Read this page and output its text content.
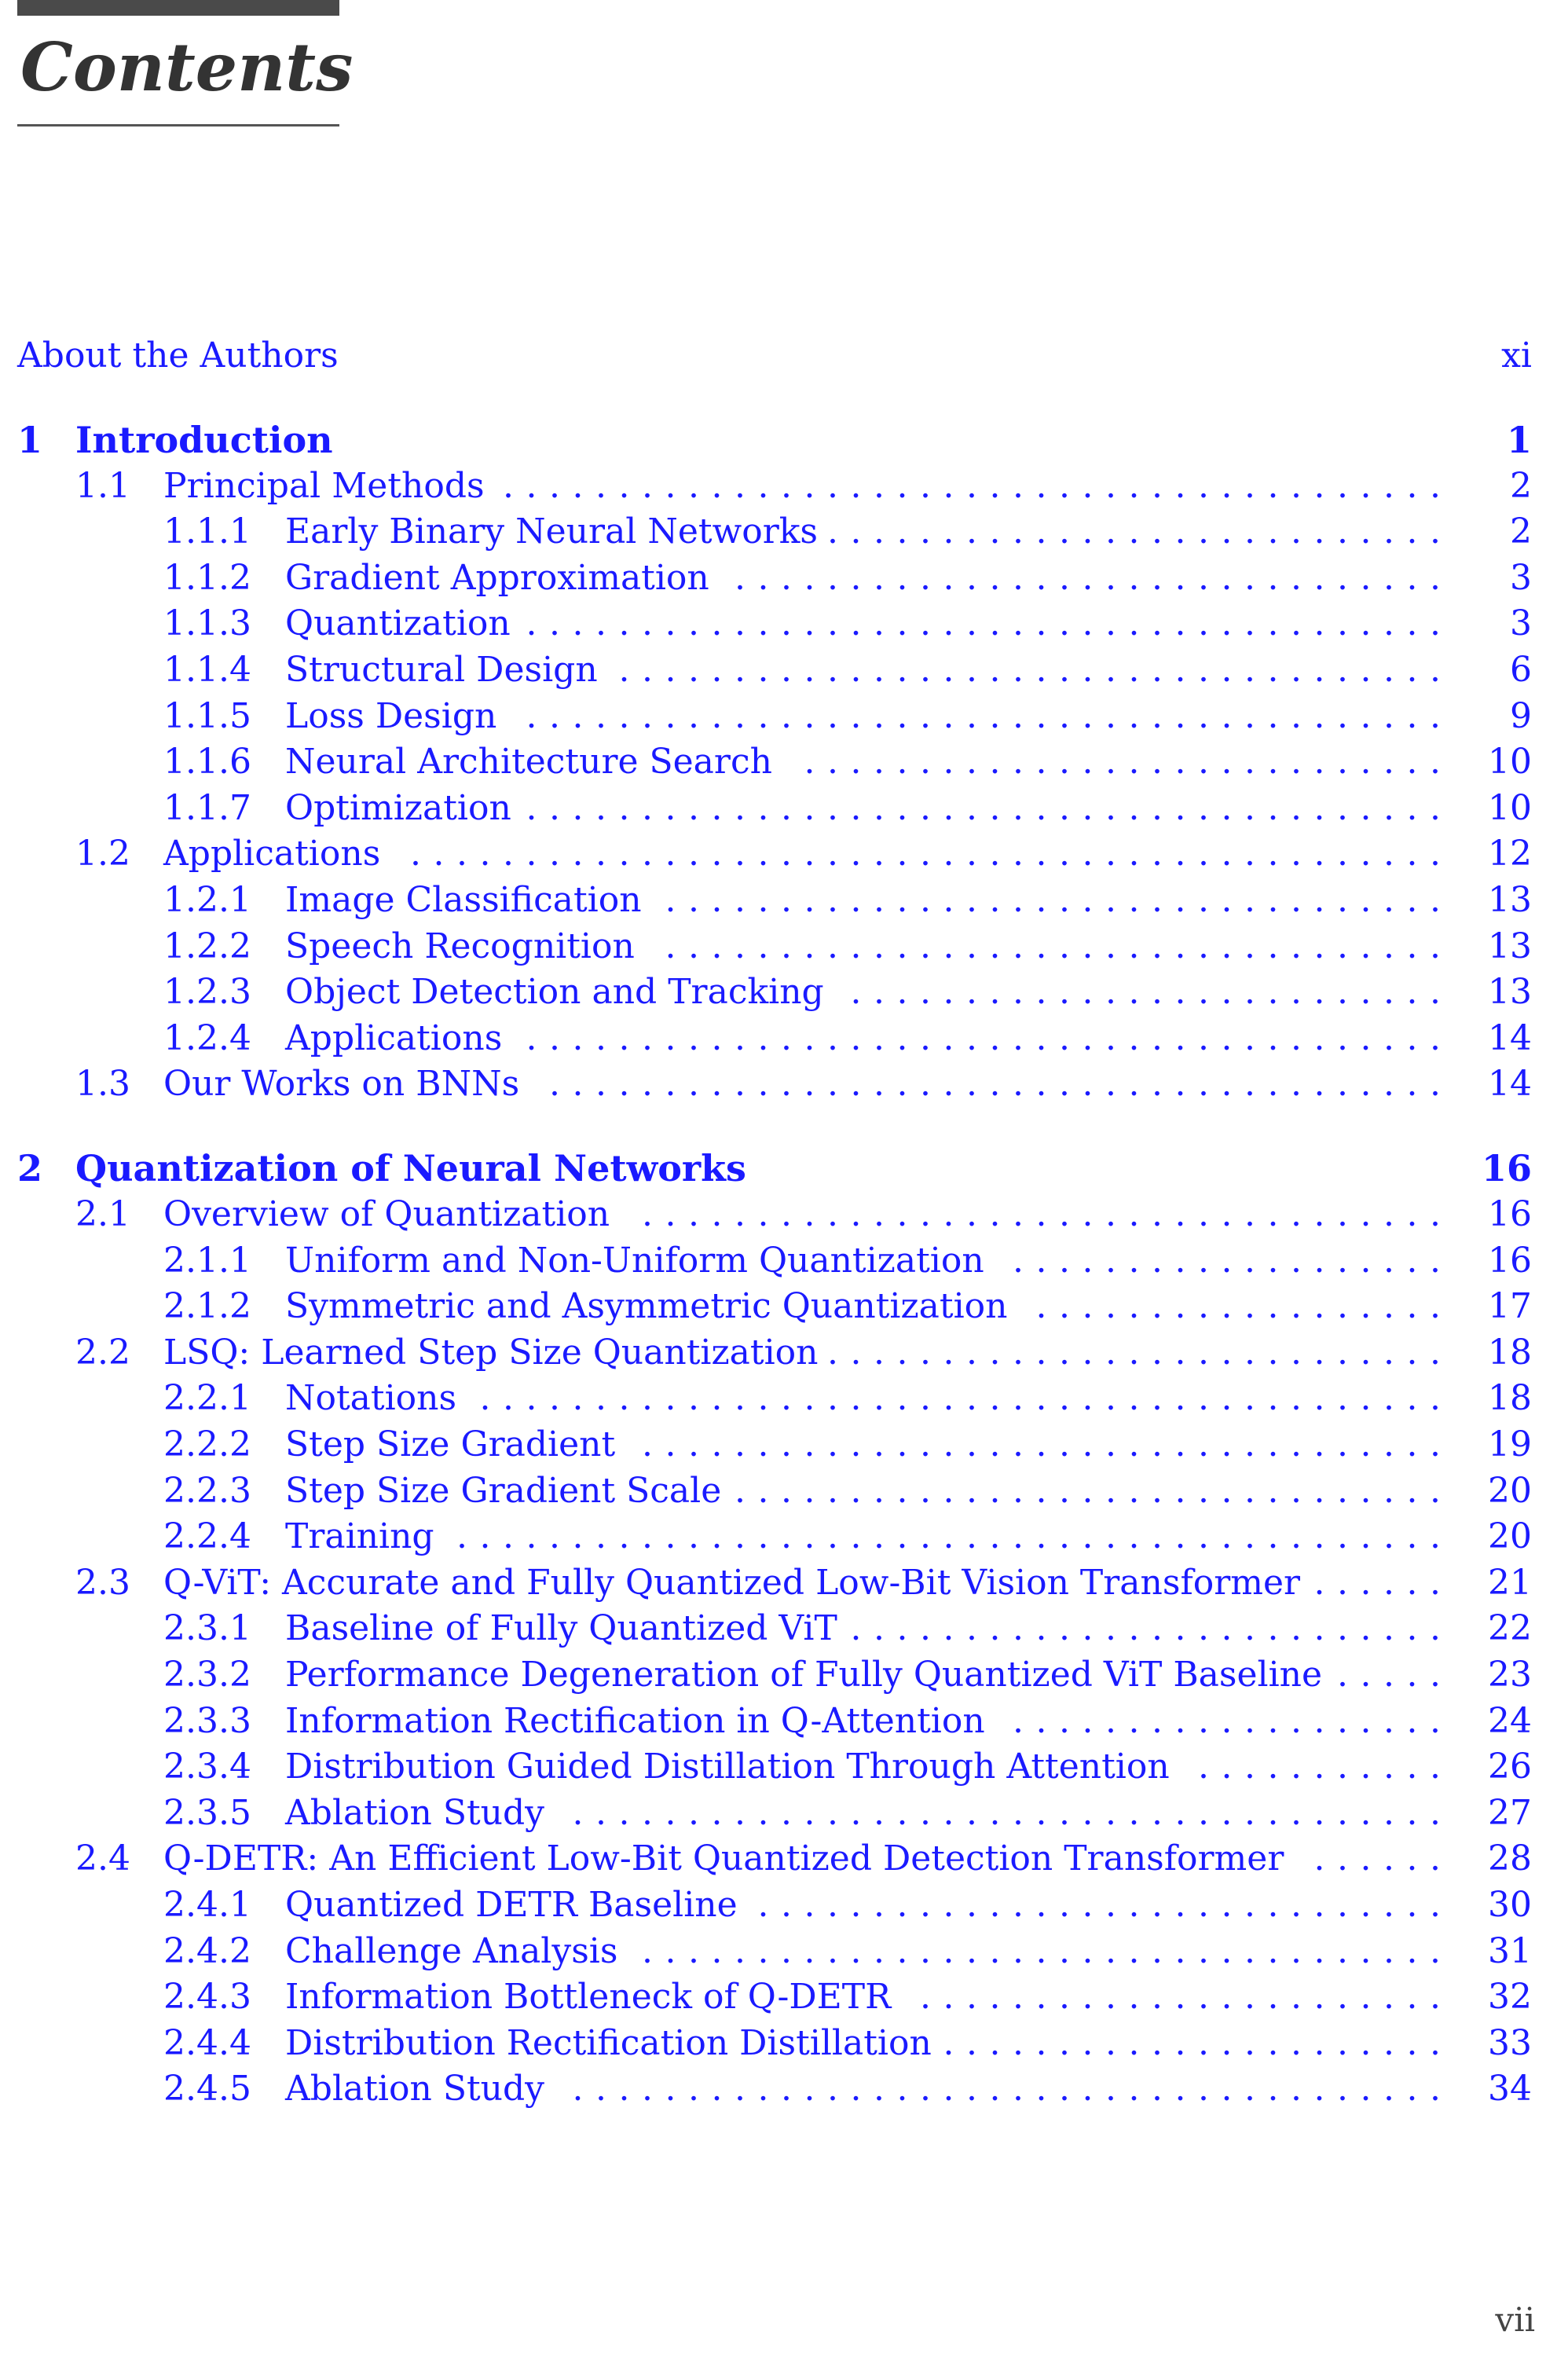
Contents
About the Authors	xi
1 Introduction	1
1.1 Principal Methods	2
. . . . . . . . . . . . . . . . . . . . . . . . . . . . . . . . . . . . . . . . .
1.1.1 Early Binary Neural Networks	2
. . . . . . . . . . . . . . . . . . . . . . . . . . .
1.1.2 Gradient Approximation	3
. . . . . . . . . . . . . . . . . . . . . . . . . . . . . . .
1.1.3 Quantization	3
. . . . . . . . . . . . . . . . . . . . . . . . . . . . . . . . . . . . . . . .
1.1.4 Structural Design	6
. . . . . . . . . . . . . . . . . . . . . . . . . . . . . . . . . . . .
1.1.5 Loss Design	9
. . . . . . . . . . . . . . . . . . . . . . . . . . . . . . . . . . . . . . . .
1.1.6 Neural Architecture Search	10
. . . . . . . . . . . . . . . . . . . . . . . . . . . .
1.1.7 Optimization	10
. . . . . . . . . . . . . . . . . . . . . . . . . . . . . . . . . . . . . . . .
1.2 Applications	12
. . . . . . . . . . . . . . . . . . . . . . . . . . . . . . . . . . . . . . . . . . . . .
1.2.1 Image Classification	13
. . . . . . . . . . . . . . . . . . . . . . . . . . . . . . . . . .
1.2.2 Speech Recognition	13
. . . . . . . . . . . . . . . . . . . . . . . . . . . . . . . . . .
1.2.3 Object Detection and Tracking	13
. . . . . . . . . . . . . . . . . . . . . . . . . .
1.2.4 Applications	14
. . . . . . . . . . . . . . . . . . . . . . . . . . . . . . . . . . . . . . . .
1.3 Our Works on BNNs	14
. . . . . . . . . . . . . . . . . . . . . . . . . . . . . . . . . . . . . . .
2 Quantization of Neural Networks	16
2.1 Overview of Quantization	16
. . . . . . . . . . . . . . . . . . . . . . . . . . . . . . . . . . .
2.1.1 Uniform and Non-Uniform Quantization	16
. . . . . . . . . . . . . . . . . . .
2.1.2 Symmetric and Asymmetric Quantization	17
. . . . . . . . . . . . . . . . . .
2.2 LSQ: Learned Step Size Quantization	18
. . . . . . . . . . . . . . . . . . . . . . . . . . .
2.2.1 Notations	18
. . . . . . . . . . . . . . . . . . . . . . . . . . . . . . . . . . . . . . . . . .
2.2.2 Step Size Gradient	19
. . . . . . . . . . . . . . . . . . . . . . . . . . . . . . . . . . .
2.2.3 Step Size Gradient Scale	20
. . . . . . . . . . . . . . . . . . . . . . . . . . . . . . .
2.2.4 Training	20
. . . . . . . . . . . . . . . . . . . . . . . . . . . . . . . . . . . . . . . . . . .
2.3 Q-ViT: Accurate and Fully Quantized Low-Bit Vision Transformer	21
. . . . . .
2.3.1 Baseline of Fully Quantized ViT	22
. . . . . . . . . . . . . . . . . . . . . . . . . .
2.3.2 Performance Degeneration of Fully Quantized ViT Baseline	23
. . . . .
2.3.3 Information Rectification in Q-Attention	24
. . . . . . . . . . . . . . . . . . .
2.3.4 Distribution Guided Distillation Through Attention	26
. . . . . . . . . . .
2.3.5 Ablation Study	27
. . . . . . . . . . . . . . . . . . . . . . . . . . . . . . . . . . . . . .
2.4 Q-DETR: An Efficient Low-Bit Quantized Detection Transformer	28
. . . . . .
2.4.1 Quantized DETR Baseline	30
. . . . . . . . . . . . . . . . . . . . . . . . . . . . . .
2.4.2 Challenge Analysis	31
. . . . . . . . . . . . . . . . . . . . . . . . . . . . . . . . . . .
2.4.3 Information Bottleneck of Q-DETR	32
. . . . . . . . . . . . . . . . . . . . . . .
2.4.4 Distribution Rectification Distillation	33
. . . . . . . . . . . . . . . . . . . . . .
2.4.5 Ablation Study	34
. . . . . . . . . . . . . . . . . . . . . . . . . . . . . . . . . . . . . .
vii
